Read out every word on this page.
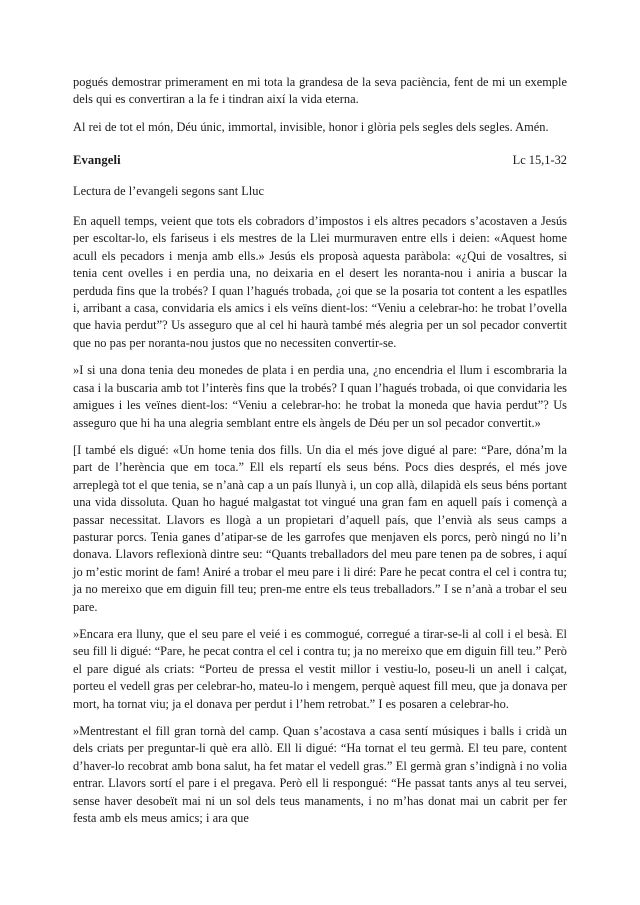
pogués demostrar primerament en mi tota la grandesa de la seva paciència, fent de mi un exemple dels qui es convertiran a la fe i tindran així la vida eterna.

Al rei de tot el món, Déu únic, immortal, invisible, honor i glòria pels segles dels segles. Amén.

Evangeli	Lc 15,1-32

Lectura de l’evangeli segons sant Lluc

En aquell temps, veient que tots els cobradors d’impostos i els altres pecadors s’acostaven a Jesús per escoltar-lo, els fariseus i els mestres de la Llei murmuraven entre ells i deien: «Aquest home acull els pecadors i menja amb ells.» Jesús els proposà aquesta paràbola: «¿Qui de vosaltres, si tenia cent ovelles i en perdia una, no deixaria en el desert les noranta-nou i aniria a buscar la perduda fins que la trobés? I quan l’hagués trobada, ¿oi que se la posaria tot content a les espatlles i, arribant a casa, convidaria els amics i els veïns dient-los: “Veniu a celebrar-ho: he trobat l’ovella que havia perdut”? Us asseguro que al cel hi haurà també més alegria per un sol pecador convertit que no pas per noranta-nou justos que no necessiten convertir-se.

»I si una dona tenia deu monedes de plata i en perdia una, ¿no encendria el llum i escombraria la casa i la buscaria amb tot l’interès fins que la trobés? I quan l’hagués trobada, oi que convidaria les amigues i les veïnes dient-los: “Veniu a celebrar-ho: he trobat la moneda que havia perdut”? Us asseguro que hi ha una alegria semblant entre els àngels de Déu per un sol pecador convertit.»

[I també els digué: «Un home tenia dos fills. Un dia el més jove digué al pare: “Pare, dóna’m la part de l’herència que em toca.” Ell els repartí els seus béns. Pocs dies després, el més jove arreplegà tot el que tenia, se n’anà cap a un país llunyà i, un cop allà, dilapidà els seus béns portant una vida dissoluta. Quan ho hagué malgastat tot vingué una gran fam en aquell país i començà a passar necessitat. Llavors es llogà a un propietari d’aquell país, que l’envià als seus camps a pasturar porcs. Tenia ganes d’atipar-se de les garrofes que menjaven els porcs, però ningú no li’n donava. Llavors reflexionà dintre seu: “Quants treballadors del meu pare tenen pa de sobres, i aquí jo m’estic morint de fam! Aniré a trobar el meu pare i li diré: Pare he pecat contra el cel i contra tu; ja no mereixo que em diguin fill teu; pren-me entre els teus treballadors.” I se n’anà a trobar el seu pare.

»Encara era lluny, que el seu pare el veié i es commogué, corregué a tirar-se-li al coll i el besà. El seu fill li digué: “Pare, he pecat contra el cel i contra tu; ja no mereixo que em diguin fill teu.” Però el pare digué als criats: “Porteu de pressa el vestit millor i vestiu-lo, poseu-li un anell i calçat, porteu el vedell gras per celebrar-ho, mateu-lo i mengem, perquè aquest fill meu, que ja donava per mort, ha tornat viu; ja el donava per perdut i l’hem retrobat.” I es posaren a celebrar-ho.

»Mentrestant el fill gran tornà del camp. Quan s’acostava a casa sentí músiques i balls i cridà un dels criats per preguntar-li què era allò. Ell li digué: “Ha tornat el teu germà. El teu pare, content d’haver-lo recobrat amb bona salut, ha fet matar el vedell gras.” El germà gran s’indignà i no volia entrar. Llavors sortí el pare i el pregava. Però ell li respongué: “He passat tants anys al teu servei, sense haver desobeït mai ni un sol dels teus manaments, i no m’has donat mai un cabrit per fer festa amb els meus amics; i ara que
